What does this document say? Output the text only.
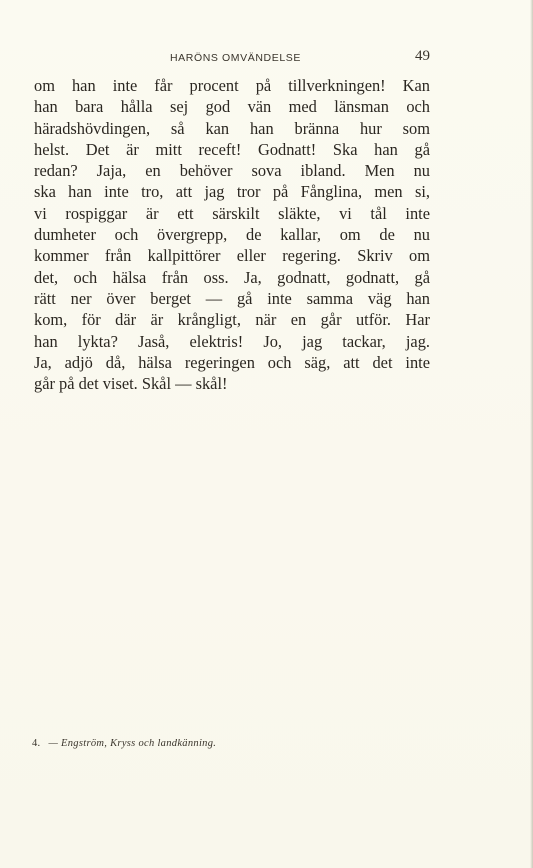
HARÖNS OMVÄNDELSE	49
om han inte får procent på tillverkningen! Kan
han bara hålla sej god vän med länsman och
häradshövdingen, så kan han bränna hur som
helst. Det är mitt receft! Godnatt! Ska han gå
redan? Jaja, en behöver sova ibland. Men nu
ska han inte tro, att jag tror på Fånglina, men si,
vi rospiggar är ett särskilt släkte, vi tål inte
dumheter och övergrepp, de kallar, om de nu
kommer från kallpittörer eller regering. Skriv om
det, och hälsa från oss. Ja, godnatt, godnatt, gå
rätt ner över berget — gå inte samma väg han
kom, för där är krångligt, när en går utför. Har
han lykta? Jaså, elektris! Jo, jag tackar, jag.
Ja, adjö då, hälsa regeringen och säg, att det inte
går på det viset. Skål — skål!
4. — Engström, Kryss och landkänning.
